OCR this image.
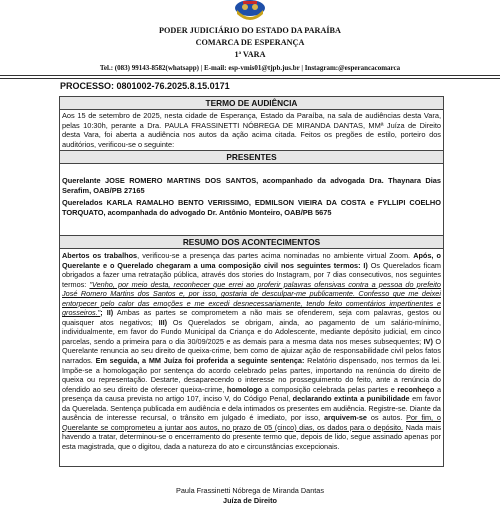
PODER JUDICIÁRIO DO ESTADO DA PARAÍBA
COMARCA DE ESPERANÇA
1ª VARA
Tel.: (083) 99143-8582(whatsapp) | E-mail: esp-vmis01@tjpb.jus.br | Instagram:@esperancacomarca
PROCESSO: 0801002-76.2025.8.15.0171
TERMO DE AUDIÊNCIA
Aos 15 de setembro de 2025, nesta cidade de Esperança, Estado da Paraíba, na sala de audiências desta Vara, pelas 10:30h, perante a Dra. PAULA FRASSINETTI NÓBREGA DE MIRANDA DANTAS, MMª Juíza de Direito desta Vara, foi aberta a audiência nos autos da ação acima citada. Feitos os pregões de estilo, porteiro dos auditórios, verificou-se o seguinte:
PRESENTES

Querelante JOSE ROMERO MARTINS DOS SANTOS, acompanhado da advogada Dra. Thaynara Dias Serafim, OAB/PB 27165

Querelados KARLA RAMALHO BENTO VERISSIMO, EDMILSON VIEIRA DA COSTA e FYLLIPI COELHO TORQUATO, acompanhada do advogado Dr. Antônio Monteiro, OAB/PB 5675

RESUMO DOS ACONTECIMENTOS
Abertos os trabalhos, verificou-se a presença das partes acima nominadas no ambiente virtual Zoom. Após, o Querelante e o Querelado chegaram a uma composição civil nos seguintes termos: I) Os Querelados ficam obrigados a fazer uma retratação pública, através dos stories do Instagram, por 7 dias consecutivos, nos seguintes termos: "Venho, por meio desta, reconhecer que errei ao proferir palavras ofensivas contra a pessoa do prefeito José Romero Martins dos Santos e, por isso, gostaria de desculpar-me publicamente. Confesso que me deixei entorpecer pelo calor das emoções e me excedi desnecessariamente, tendo feito comentários impertinentes e grosseiros."; II) Ambas as partes se comprometem a não mais se ofenderem, seja com palavras, gestos ou quaisquer atos negativos; III) Os Querelados se obrigam, ainda, ao pagamento de um salário-mínimo, individualmente, em favor do Fundo Municipal da Criança e do Adolescente, mediante depósito judicial, em cinco parcelas, sendo a primeira para o dia 30/09/2025 e as demais para a mesma data nos meses subsequentes; IV) O Querelante renuncia ao seu direito de queixa-crime, bem como de ajuizar ação de responsabilidade civil pelos fatos narrados. Em seguida, a MM Juíza foi proferida a seguinte sentença: Relatório dispensado, nos termos da lei. Impõe-se a homologação por sentença do acordo celebrado pelas partes, importando na renúncia do direito de queixa ou representação. Destarte, desaparecendo o interesse no prosseguimento do feito, ante a renúncia do ofendido ao seu direito de oferecer queixa-crime, homologo a composição celebrada pelas partes e reconheço a presença da causa prevista no artigo 107, inciso V, do Código Penal, declarando extinta a punibilidade em favor da Querelada. Sentença publicada em audiência e dela intimados os presentes em audiência. Registre-se. Diante da ausência de interesse recursal, o trânsito em julgado é imediato, por isso, arquivem-se os autos. Por fim, o Querelante se comprometeu a juntar aos autos, no prazo de 05 (cinco) dias, os dados para o depósito. Nada mais havendo a tratar, determinou-se o encerramento do presente termo que, depois de lido, segue assinado apenas por esta magistrada, que o digitou, dada a natureza do ato e circunstâncias excepcionais.
Paula Frassinetti Nóbrega de Miranda Dantas
Juíza de Direito
